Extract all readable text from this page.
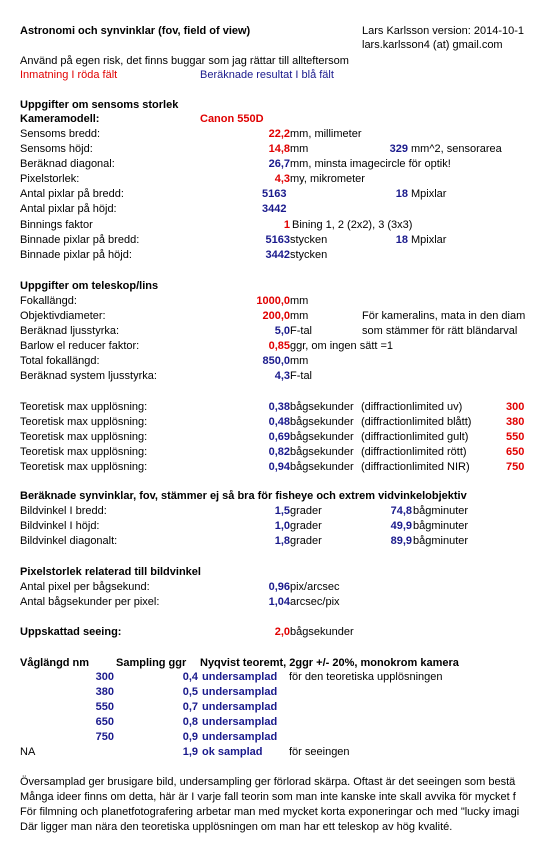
Astronomi och synvinklar (fov, field of view)	Lars Karlsson version: 2014-10-1
lars.karlsson4 (at) gmail.com
Använd på egen risk, det finns buggar som jag rättar till allteftersom
Inmatning I röda fält	Beräknade resultat I blå fält
Uppgifter om sensoms storlek
Kameramodell:	Canon 550D
Sensoms bredd:	22,2 mm, millimeter
Sensoms höjd:	14,8 mm	329 mm^2, sensorarea
Beräknad diagonal:	26,7 mm, minsta imagecircle för optik!
Pixelstorlek:	4,3 my, mikrometer
Antal pixlar på bredd:	5163	18 Mpixlar
Antal pixlar på höjd:	3442
Binnings faktor	1 Bining 1, 2 (2x2), 3 (3x3)
Binnade pixlar på bredd:	5163 stycken	18 Mpixlar
Binnade pixlar på höjd:	3442 stycken
Uppgifter om teleskop/lins
Fokallängd:	1000,0 mm
Objektivdiameter:	200,0 mm	För kameralins, mata in den diam
Beräknad ljusstyrka:	5,0 F-tal	som stämmer för rätt bländarval
Barlow el reducer faktor:	0,85 ggr, om ingen sätt =1
Total fokallängd:	850,0 mm
Beräknad system ljusstyrka:	4,3 F-tal
Teoretisk max upplösning:	0,38 bågsekunder (diffractionlimited uv)	300
Teoretisk max upplösning:	0,48 bågsekunder (diffractionlimited blått)	380
Teoretisk max upplösning:	0,69 bågsekunder (diffractionlimited gult)	550
Teoretisk max upplösning:	0,82 bågsekunder (diffractionlimited rött)	650
Teoretisk max upplösning:	0,94 bågsekunder (diffractionlimited NIR)	750
Beräknade synvinklar, fov, stämmer ej så bra för fisheye och extrem vidvinkelobjektiv
Bildvinkel I bredd:	1,5 grader	74,8 bågminuter
Bildvinkel I höjd:	1,0 grader	49,9 bågminuter
Bildvinkel diagonalt:	1,8 grader	89,9 bågminuter
Pixelstorlek relaterad till bildvinkel
Antal pixel per bågsekund:	0,96 pix/arcsec
Antal bågsekunder per pixel:	1,04 arcsec/pix
Uppskattad seeing:	2,0 bågsekunder
Våglängd nm Sampling ggr Nyqvist teoremt, 2ggr +/- 20%, monokrom kamera
300	0,4 undersamplad för den teoretiska upplösningen
380	0,5 undersamplad
550	0,7 undersamplad
650	0,8 undersamplad
750	0,9 undersamplad
NA	1,9 ok samplad för seeingen
Översamplad ger brusigare bild, undersampling ger förlorad skärpa. Oftast är det seeingen som bestä
Många ideer finns om detta, här är I varje fall teorin som man inte kanske inte skall avvika för mycket f
För filmning och planetfotografering arbetar man med mycket korta exponeringar och med "lucky imagi
Där ligger man nära den teoretiska upplösningen om man har ett teleskop av hög kvalité.
